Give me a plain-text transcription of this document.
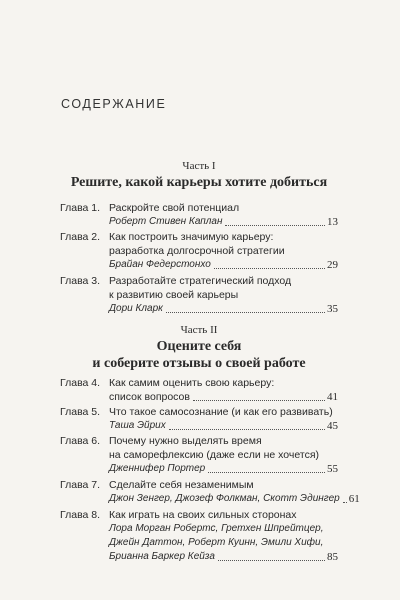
СОДЕРЖАНИЕ
Часть I
Решите, какой карьеры хотите добиться
Глава 1. Раскройте свой потенциал
Роберт Стивен Каплан	13
Глава 2. Как построить значимую карьеру:
разработка долгосрочной стратегии
Брайан Федерстонхо	29
Глава 3. Разработайте стратегический подход
к развитию своей карьеры
Дори Кларк	35
Часть II
Оцените себя
и соберите отзывы о своей работе
Глава 4. Как самим оценить свою карьеру:
список вопросов	41
Глава 5. Что такое самосознание (и как его развивать)
Таша Эйрих	45
Глава 6. Почему нужно выделять время
на саморефлексию (даже если не хочется)
Дженнифер Портер	55
Глава 7. Сделайте себя незаменимым
Джон Зенгер, Джозеф Фолкман, Скотт Эдингер 61
Глава 8. Как играть на своих сильных сторонах
Лора Морган Робертс, Гретхен Шпрейтцер,
Джейн Даттон, Роберт Куинн, Эмили Хифи,
Брианна Баркер Кейза	85
